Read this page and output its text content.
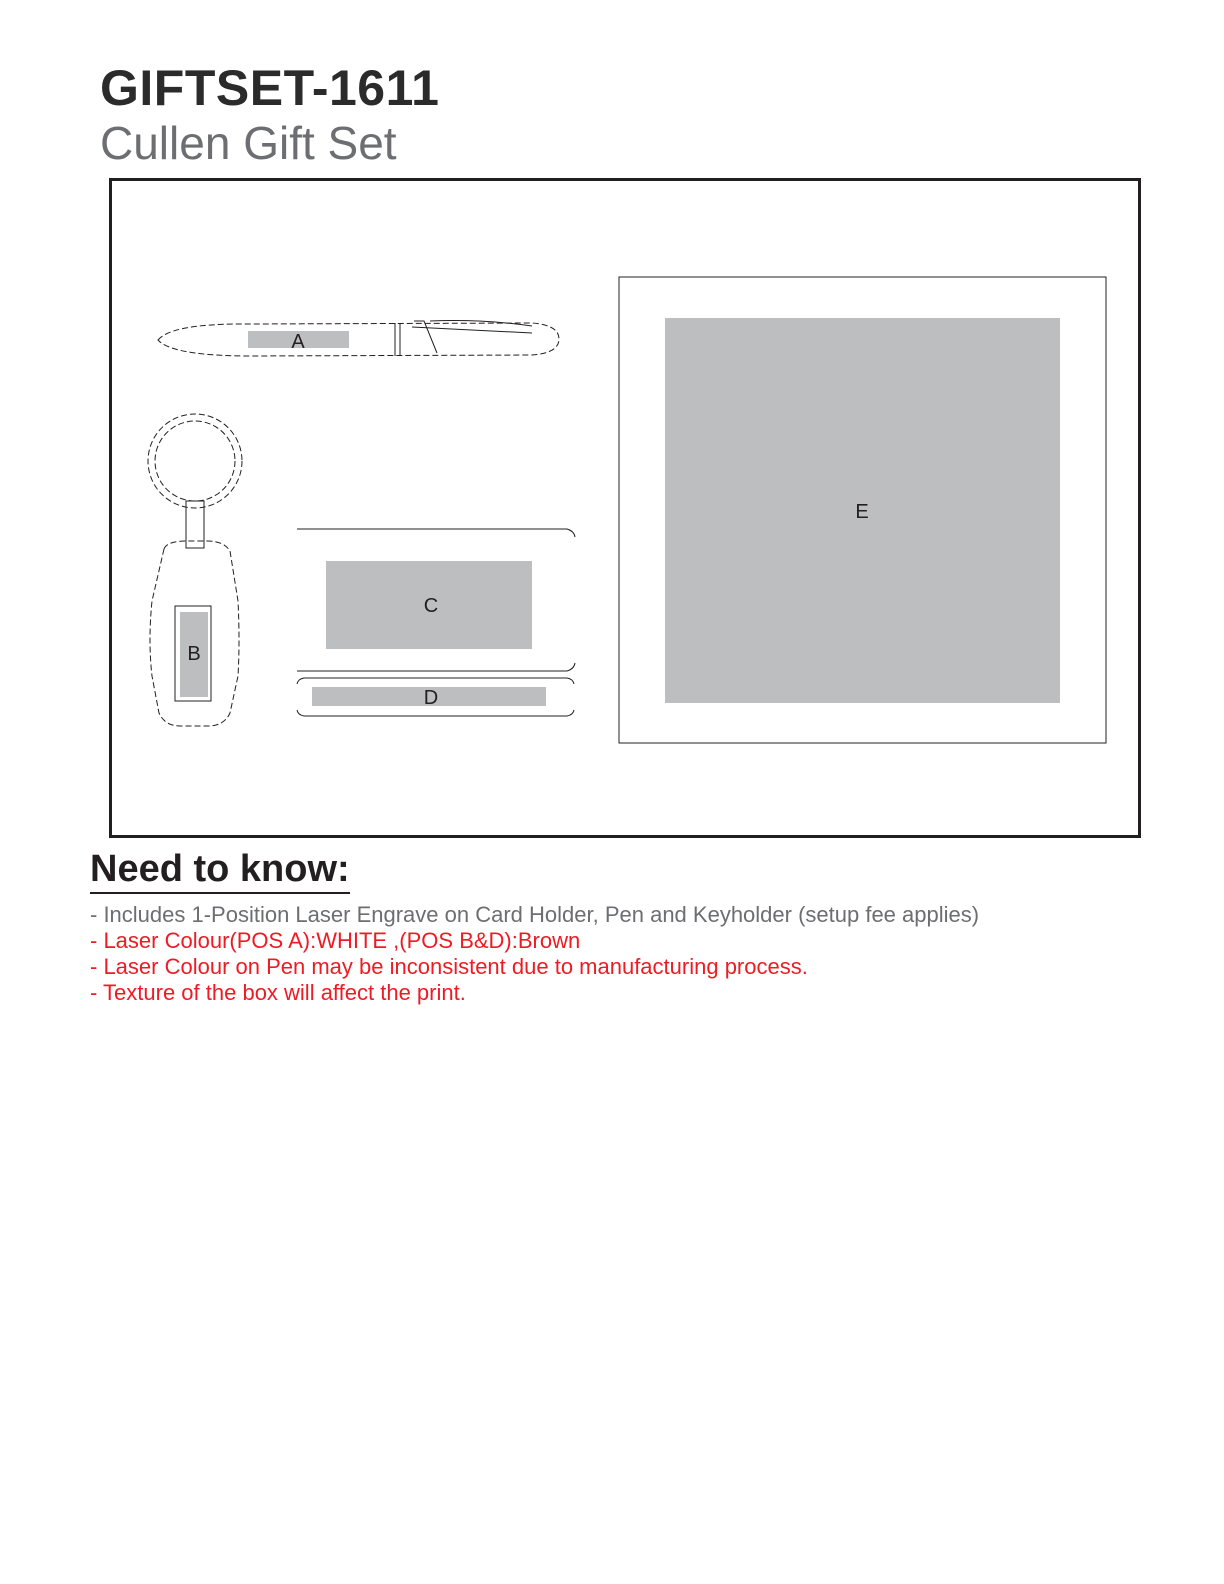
GIFTSET-1611
Cullen Gift Set
A
B
C
D
E
Need to know:
- Includes 1-Position Laser Engrave on Card Holder, Pen and Keyholder (setup fee applies)
- Laser Colour(POS A):WHITE ,(POS B&D):Brown
- Laser Colour on Pen may be inconsistent due to manufacturing process.
- Texture of the box will affect the print.
